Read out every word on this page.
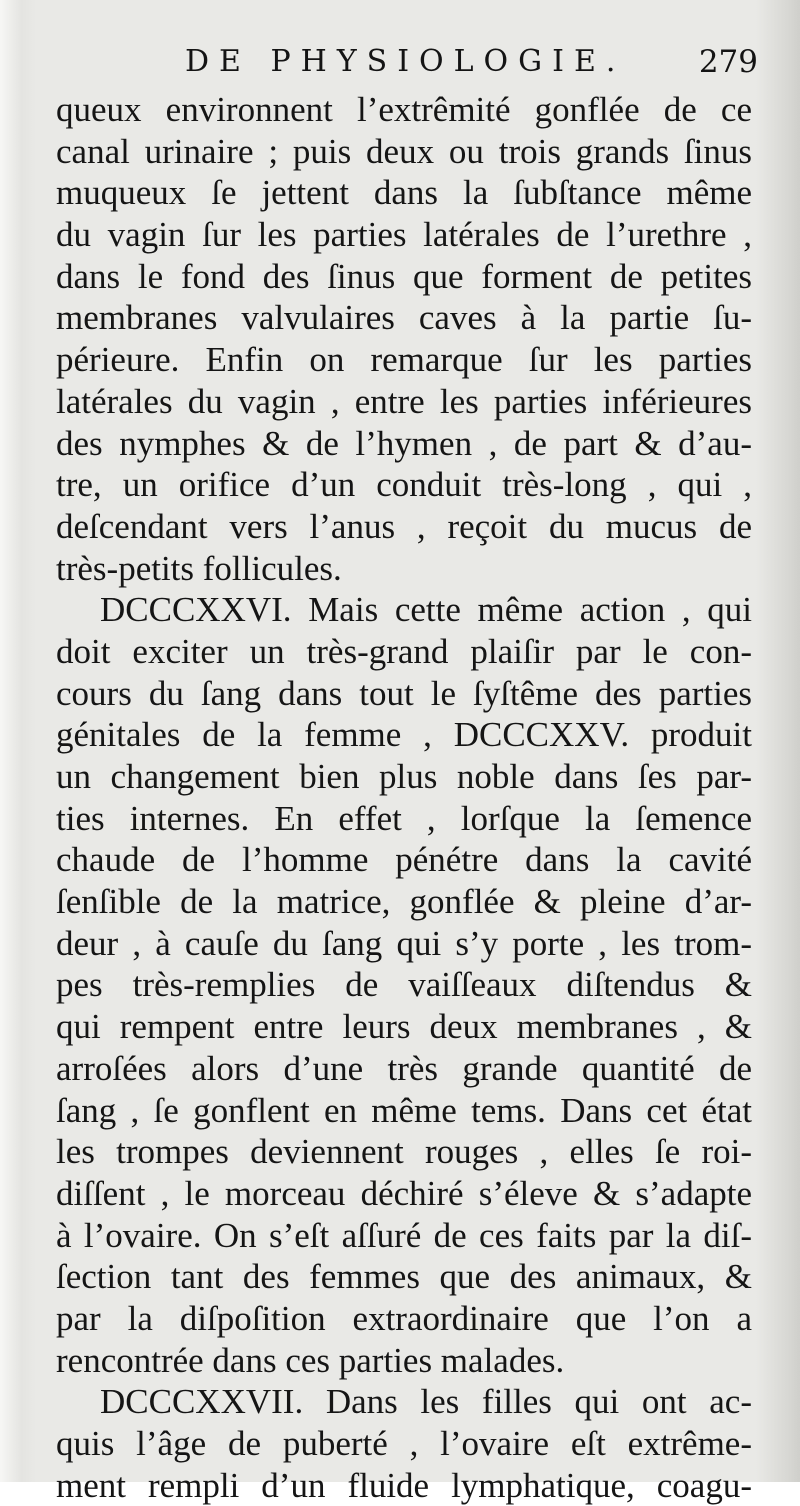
DE PHYSIOLOGIE. 279
queux environnent l’extrêmité gonflée de ce
canal urinaire ; puis deux ou trois grands ſinus
muqueux ſe jettent dans la ſubſtance même
du vagin ſur les parties latérales de l’urethre ,
dans le fond des ſinus que forment de petites
membranes valvulaires caves à la partie ſu-
périeure. Enfin on remarque ſur les parties
latérales du vagin , entre les parties inférieures
des nymphes & de l’hymen , de part & d’au-
tre, un orifice d’un conduit très-long , qui ,
deſcendant vers l’anus , reçoit du mucus de
très-petits follicules.
DCCCXXVI. Mais cette même action , qui
doit exciter un très-grand plaiſir par le con-
cours du ſang dans tout le ſyſtême des parties
génitales de la femme , DCCCXXV. produit
un changement bien plus noble dans ſes par-
ties internes. En effet , lorſque la ſemence
chaude de l’homme pénétre dans la cavité
ſenſible de la matrice, gonflée & pleine d’ar-
deur , à cauſe du ſang qui s’y porte , les trom-
pes très-remplies de vaiſſeaux diſtendus &
qui rempent entre leurs deux membranes , &
arroſées alors d’une très grande quantité de
ſang , ſe gonflent en même tems. Dans cet état
les trompes deviennent rouges , elles ſe roi-
diſſent , le morceau déchiré s’éleve & s’adapte
à l’ovaire. On s’eſt aſſuré de ces faits par la diſ-
ſection tant des femmes que des animaux, &
par la diſpoſition extraordinaire que l’on a
rencontrée dans ces parties malades.
DCCCXXVII. Dans les filles qui ont ac-
quis l’âge de puberté , l’ovaire eſt extrême-
ment rempli d’un fluide lymphatique, coagu-
